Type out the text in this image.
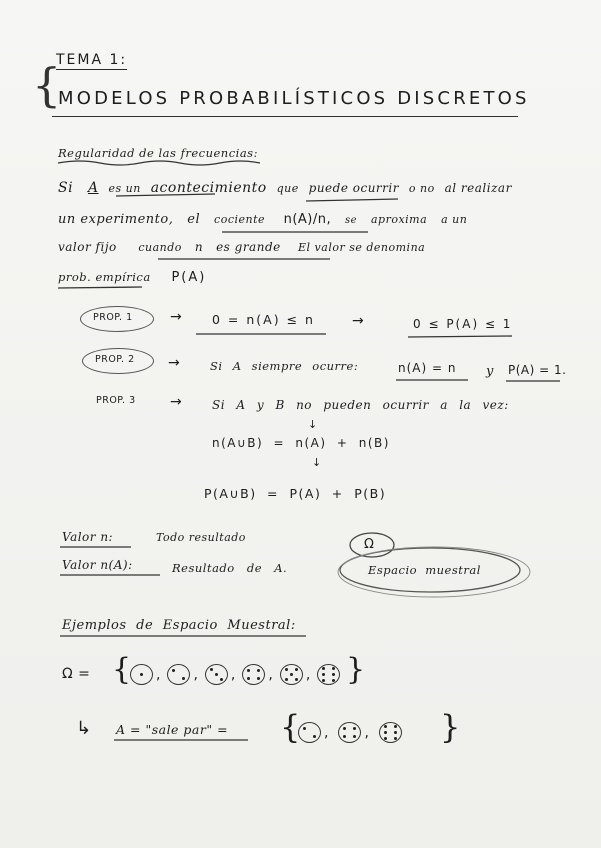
TEMA 1:
{
MODELOS PROBABILÍSTICOS DISCRETOS
Regularidad de las frecuencias:
Si A es un acontecimiento que puede ocurrir o no al realizar
un experimento, el cociente n(A)/n, se aproxima a un
valor fijo cuando n es grande El valor se denomina
prob. empírica P(A)
PROP. 1	→ 0 = n(A) ≤ n	→	0 ≤ P(A) ≤ 1
PROP. 2 →	Si A siempre ocurre:	n(A) = n y P(A) = 1.
PROP. 3 → Si A y B no pueden ocurrir a la vez:
↓
n(A∪B) = n(A) + n(B)
↓
P(A∪B) = P(A) + P(B)
Valor n:	Todo resultado
Valor n(A):	Resultado de A.
Ω
Espacio muestral
Ejemplos de Espacio Muestral:
Ω = {	, , , , ,	}
↳ A = "sale par" = {	,	,	}
